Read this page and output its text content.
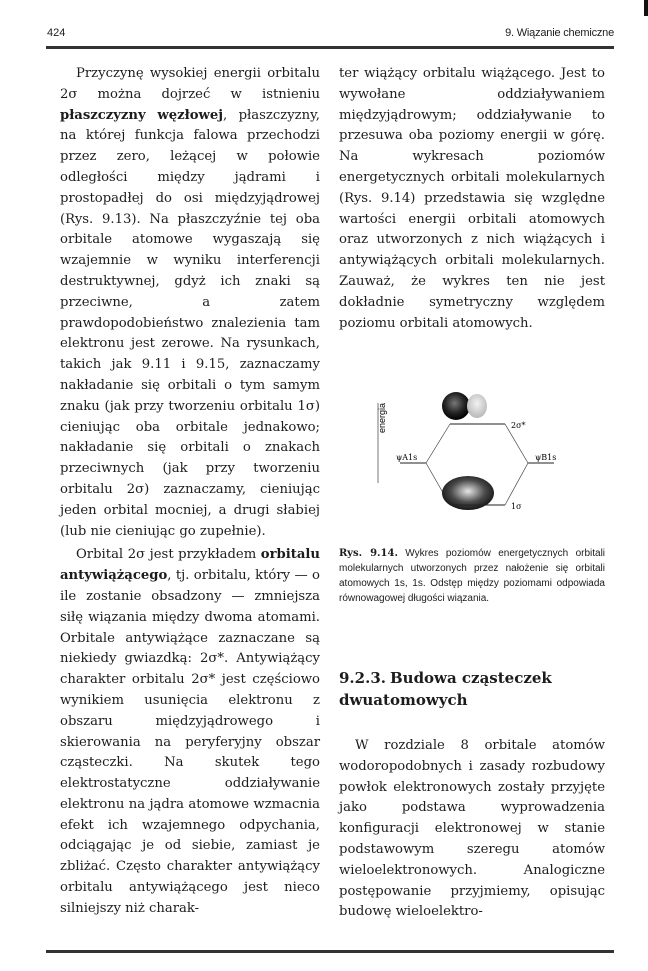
424	9. Wiązanie chemiczne

Przyczynę wysokiej energii orbitalu 2σ można dojrzeć w istnieniu płaszczyzny węzłowej, płaszczyzny, na której funkcja falowa przechodzi przez zero, leżącej w połowie odległości między jądrami i prostopadłej do osi międzyjądrowej (Rys. 9.13). Na płaszczyźnie tej oba orbitale atomowe wygaszają się wzajemnie w wyniku interferencji destruktywnej, gdyż ich znaki są przeciwne, a zatem prawdopodobieństwo znalezienia tam elektronu jest zerowe. Na rysunkach, takich jak 9.11 i 9.15, zaznaczamy nakładanie się orbitali o tym samym znaku (jak przy tworzeniu orbitalu 1σ) cieniując oba orbitale jednakowo; nakładanie się orbitali o znakach przeciwnych (jak przy tworzeniu orbitalu 2σ) zaznaczamy, cieniując jeden orbital mocniej, a drugi słabiej (lub nie cieniując go zupełnie).

Orbital 2σ jest przykładem orbitalu antywiążącego, tj. orbitalu, który — o ile zostanie obsadzony — zmniejsza siłę wiązania między dwoma atomami. Orbitale antywiążące zaznaczane są niekiedy gwiazdką: 2σ*. Antywiążący charakter orbitalu 2σ* jest częściowo wynikiem usunięcia elektronu z obszaru międzyjądrowego i skierowania na peryferyjny obszar cząsteczki. Na skutek tego elektrostatyczne oddziaływanie elektronu na jądra atomowe wzmacnia efekt ich wzajemnego odpychania, odciągając je od siebie, zamiast je zbliżać. Często charakter antywiążący orbitalu antywiążącego jest nieco silniejszy niż charak-

ter wiążący orbitalu wiążącego. Jest to wywołane oddziaływaniem międzyjądrowym; oddziaływanie to przesuwa oba poziomy energii w górę. Na wykresach poziomów energetycznych orbitali molekularnych (Rys. 9.14) przedstawia się względne wartości energii orbitali atomowych oraz utworzonych z nich wiążących i antywiążących orbitali molekularnych. Zauważ, że wykres ten nie jest dokładnie symetryczny względem poziomu orbitali atomowych.

energia	2σ*
ψA1s	ψB1s
1σ
Rys. 9.14. Wykres poziomów energetycznych orbitali molekularnych utworzonych przez nałożenie się orbitali atomowych 1s, 1s. Odstęp między poziomami odpowiada równowagowej długości wiązania.
9.2.3. Budowa cząsteczek dwuatomowych

W rozdziale 8 orbitale atomów wodoropodobnych i zasady rozbudowy powłok elektronowych zostały przyjęte jako podstawa wyprowadzenia konfiguracji elektronowej w stanie podstawowym szeregu atomów wieloelektronowych. Analogiczne postępowanie przyjmiemy, opisując budowę wieloelektro-
